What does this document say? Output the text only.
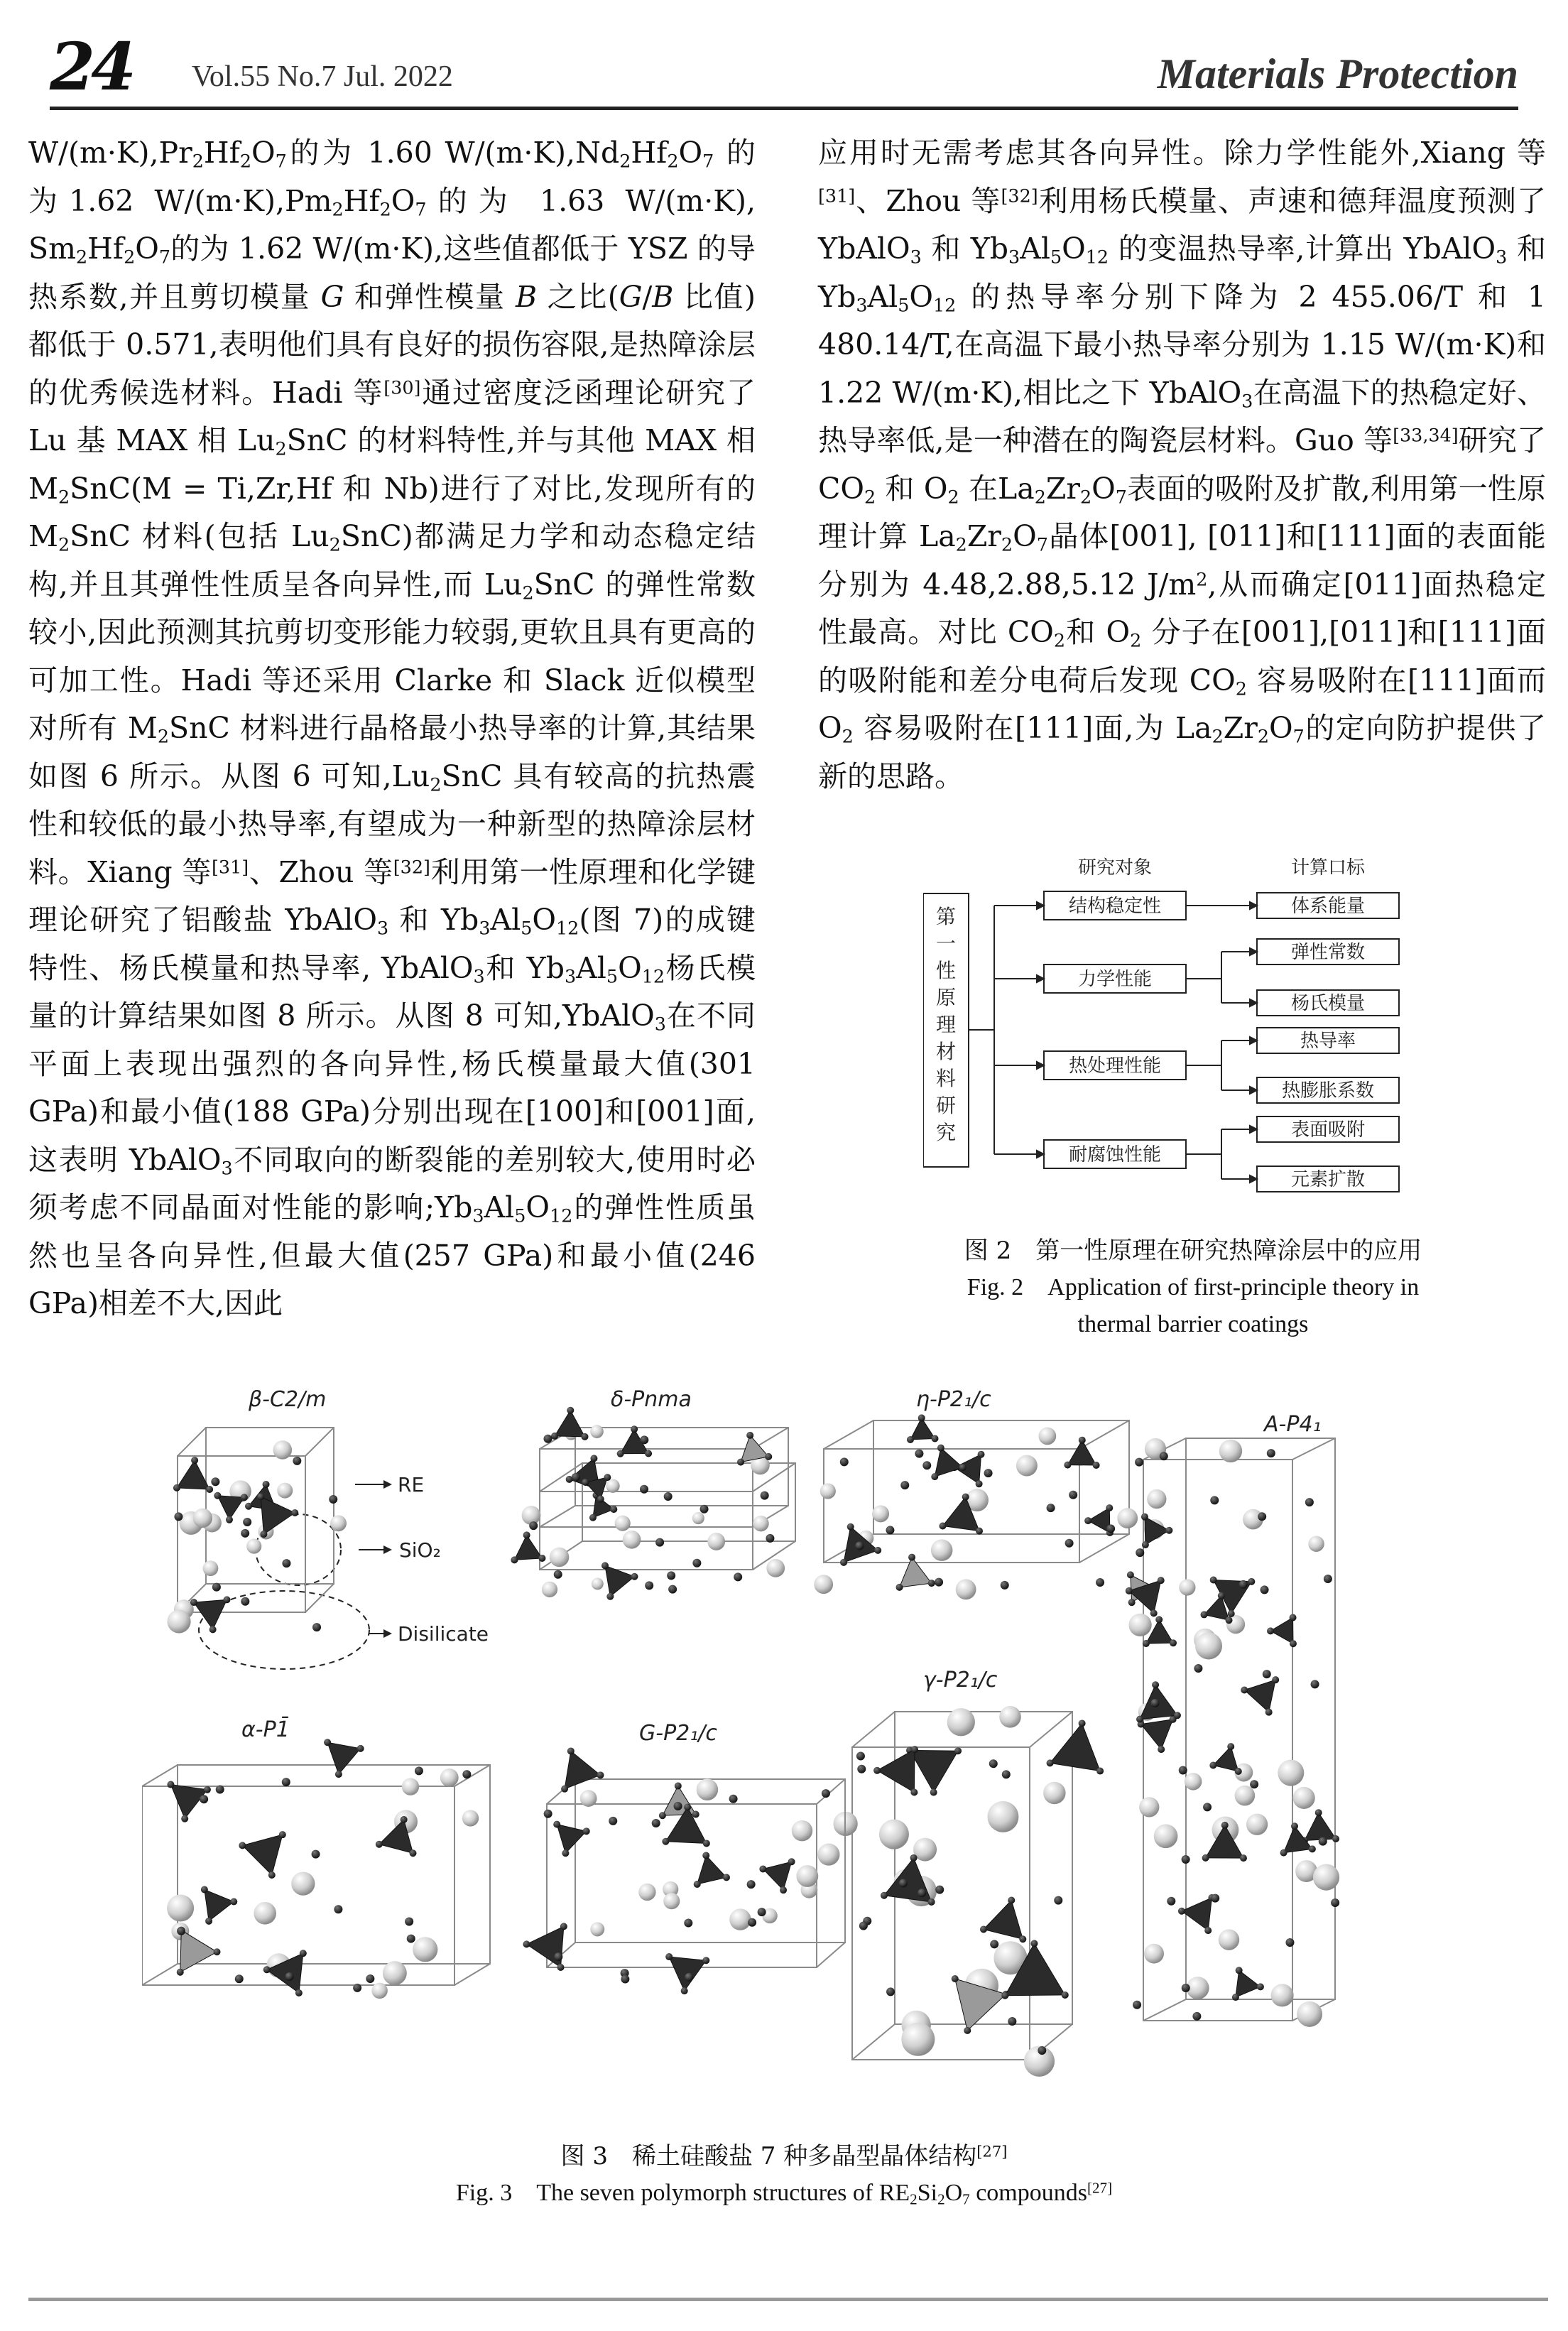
24 Vol.55 No.7 Jul. 2022	Materials Protection

$W/(m\cdot K),Pr_2Hf_2O_7$的为 1.60 $W/(m\cdot K),Nd_2Hf_2O_7$ 的为1.62 $W/(m\cdot K),Pm_2Hf_2O_7$的为 1.63 W/(m·K), $Sm_2Hf_2O_7$的为 1.62 W/(m·K),这些值都低于 YSZ 的导热系数,并且剪切模量 G 和弹性模量 B 之比(G/B 比值)都低于 0.571,表明他们具有良好的损伤容限,是热障涂层的优秀候选材料。Hadi 等[30]通过密度泛函理论研究了 Lu 基 MAX 相 $Lu_2SnC$ 的材料特性,并与其他 MAX 相 $M_2SnC(M = Ti,Zr,Hf$ 和 Nb)进行了对比,发现所有的 $M_2SnC$ 材料(包括 $Lu_2SnC$)都满足力学和动态稳定结构,并且其弹性性质呈各向异性,而 $Lu_2SnC$ 的弹性常数较小,因此预测其抗剪切变形能力较弱,更软且具有更高的可加工性。Hadi 等还采用 Clarke 和 Slack 近似模型对所有 $M_2SnC$ 材料进行晶格最小热导率的计算,其结果如图 6 所示。从图 6 可知$,Lu_2SnC$ 具有较高的抗热震性和较低的最小热导率,有望成为一种新型的热障涂层材料。Xiang 等[31]、Zhou 等[32]利用第一性原理和化学键理论研究了铝酸盐 YbAlO$_3$ 和 $Yb_3Al_5O_{12}$(图 7)的成键特性、杨氏模量和热导率, YbAlO$_3$和 $Yb_3Al_5O_{12}$杨氏模量的计算结果如图 8 所示。从图 8 可知,YbAlO$_3$在不同平面上表现出强烈的各向异性,杨氏模量最大值(301 GPa)和最小值(188 GPa)分别出现在[100]和[001]面,这表明 YbAlO$_3$不同取向的断裂能的差别较大,使用时必须考虑不同晶面对性能的影响$;Yb_3Al_5O_{12}$的弹性性质虽然也呈各向异性,但最大值(257 GPa)和最小值(246 GPa)相差不大,因此

应用时无需考虑其各向异性。除力学性能外,Xiang 等[31]、Zhou 等[32]利用杨氏模量、声速和德拜温度预测了 YbAlO$_3$ 和 $Yb_3Al_5O_{12}$ 的变温热导率,计算出 YbAlO$_3$ 和 $Yb_3Al_5O_{12}$ 的热导率分别下降为 2 455.06/T 和 1 480.14/T,在高温下最小热导率分别为 1.15 W/(m·K)和 1.22 W/(m·K),相比之下 YbAlO$_3$在高温下的热稳定好、热导率低,是一种潜在的陶瓷层材料。Guo 等[33,34]研究了 $CO_2$ 和 $O_2$ 在$La_2Zr_2O_7$表面的吸附及扩散,利用第一性原理计算 $La_2Zr_2O_7$晶体[001], [011]和[111]面的表面能分别为 4.48,2.88,5.12 $J/m^2$,从而确定[011]面热稳定性最高。对比 $CO_2$和 $O_2$ 分子在[001],[011]和[111]面的吸附能和差分电荷后发现 $CO_2$ 容易吸附在[111]面而 $O_2$ 容易吸附在[111]面,为 $La_2Zr_2O_7$的定向防护提供了新的思路。

研究对象	计算口标
第
一
性
原
理
材
料
研
究
结构稳定性
力学性能
热处理性能
耐腐蚀性能
体系能量
弹性常数
杨氏模量
热导率
热膨胀系数
表面吸附
元素扩散
图 2　第一性原理在研究热障涂层中的应用
Fig. 2　Application of first-principle theory in
thermal barrier coatings
β-C2/m	δ-Pnma	η-P2₁/c
A-P4₁
γ-P2₁/c
α-P1̄	G-P2₁/c
RE
SiO₂
Disilicate
图 3　稀土硅酸盐 7 种多晶型晶体结构[27]
Fig. 3　The seven polymorph structures of $RE_2Si_2O_7$ compounds[27]
